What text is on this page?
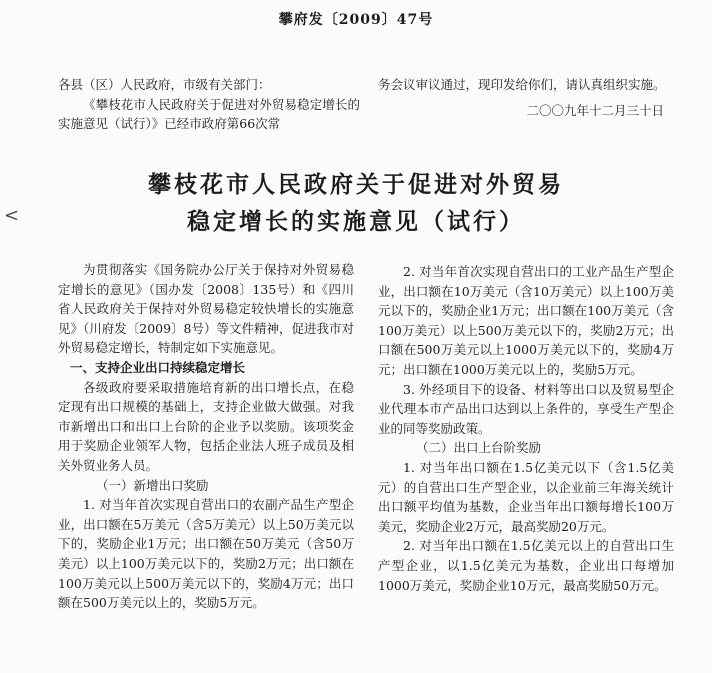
攀府发〔2009〕47号

各县（区）人民政府，市级有关部门：

《攀枝花市人民政府关于促进对外贸易稳定增长的实施意见（试行）》已经市政府第66次常

务会议审议通过，现印发给你们，请认真组织实施。

二〇〇九年十二月三十日

攀枝花市人民政府关于促进对外贸易
稳定增长的实施意见（试行）
<

为贯彻落实《国务院办公厅关于保持对外贸易稳定增长的意见》（国办发〔2008〕135号）和《四川省人民政府关于保持对外贸易稳定较快增长的实施意见》（川府发〔2009〕8号）等文件精神，促进我市对外贸易稳定增长，特制定如下实施意见。

一、支持企业出口持续稳定增长

各级政府要采取措施培育新的出口增长点，在稳定现有出口规模的基础上，支持企业做大做强。对我市新增出口和出口上台阶的企业予以奖励。该项奖金用于奖励企业领军人物，包括企业法人班子成员及相关外贸业务人员。

（一）新增出口奖励

1. 对当年首次实现自营出口的农副产品生产型企业，出口额在5万美元（含5万美元）以上50万美元以下的，奖励企业1万元；出口额在50万美元（含50万美元）以上100万美元以下的，奖励2万元；出口额在100万美元以上500万美元以下的，奖励4万元；出口额在500万美元以上的，奖励5万元。

2. 对当年首次实现自营出口的工业产品生产型企业，出口额在10万美元（含10万美元）以上100万美元以下的，奖励企业1万元；出口额在100万美元（含100万美元）以上500万美元以下的，奖励2万元；出口额在500万美元以上1000万美元以下的，奖励4万元；出口额在1000万美元以上的，奖励5万元。

3. 外经项目下的设备、材料等出口以及贸易型企业代理本市产品出口达到以上条件的，享受生产型企业的同等奖励政策。

（二）出口上台阶奖励

1. 对当年出口额在1.5亿美元以下（含1.5亿美元）的自营出口生产型企业，以企业前三年海关统计出口额平均值为基数，企业当年出口额每增长100万美元，奖励企业2万元，最高奖励20万元。

2. 对当年出口额在1.5亿美元以上的自营出口生产型企业，以1.5亿美元为基数，企业出口每增加1000万美元，奖励企业10万元，最高奖励50万元。
